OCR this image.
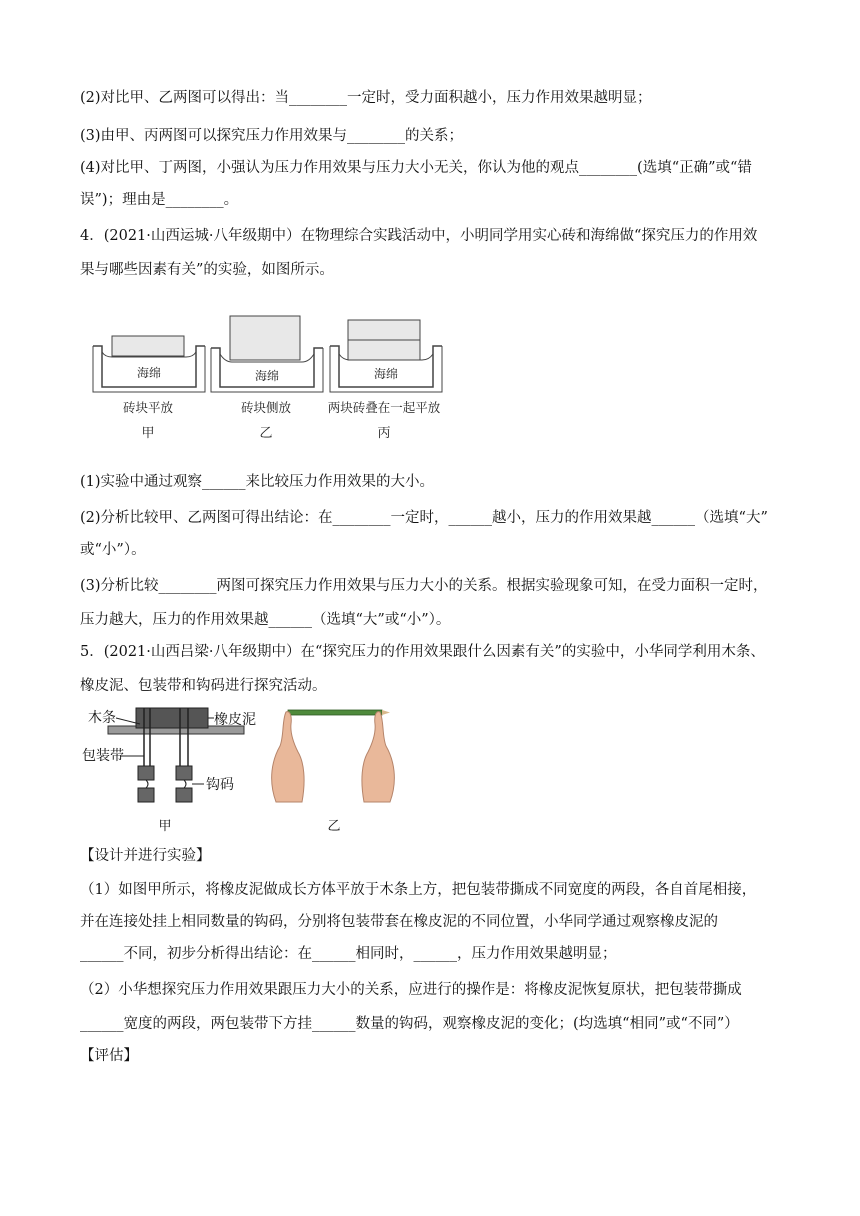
(2)对比甲、乙两图可以得出：当________一定时，受力面积越小，压力作用效果越明显；
(3)由甲、丙两图可以探究压力作用效果与________的关系；
(4)对比甲、丁两图，小强认为压力作用效果与压力大小无关，你认为他的观点________(选填“正确”或“错
误”)；理由是________。
4．(2021·山西运城·八年级期中）在物理综合实践活动中，小明同学用实心砖和海绵做“探究压力的作用效
果与哪些因素有关”的实验，如图所示。
海绵	海绵	海绵
砖块平放	砖块侧放	两块砖叠在一起平放
甲	乙	丙
(1)实验中通过观察______来比较压力作用效果的大小。
(2)分析比较甲、乙两图可得出结论：在________一定时，______越小，压力的作用效果越______（选填“大”
或“小”）。
(3)分析比较________两图可探究压力作用效果与压力大小的关系。根据实验现象可知，在受力面积一定时，
压力越大，压力的作用效果越______（选填“大”或“小”）。
5．(2021·山西吕梁·八年级期中）在“探究压力的作用效果跟什么因素有关”的实验中，小华同学利用木条、
橡皮泥、包装带和钩码进行探究活动。
木条	橡皮泥
包装带
钩码
甲	乙
【设计并进行实验】
（1）如图甲所示，将橡皮泥做成长方体平放于木条上方，把包装带撕成不同宽度的两段，各自首尾相接，
并在连接处挂上相同数量的钩码，分别将包装带套在橡皮泥的不同位置，小华同学通过观察橡皮泥的
______不同，初步分析得出结论：在______相同时，______，压力作用效果越明显；
（2）小华想探究压力作用效果跟压力大小的关系，应进行的操作是：将橡皮泥恢复原状，把包装带撕成
______宽度的两段，两包装带下方挂______数量的钩码，观察橡皮泥的变化；(均选填“相同”或“不同”）
【评估】
